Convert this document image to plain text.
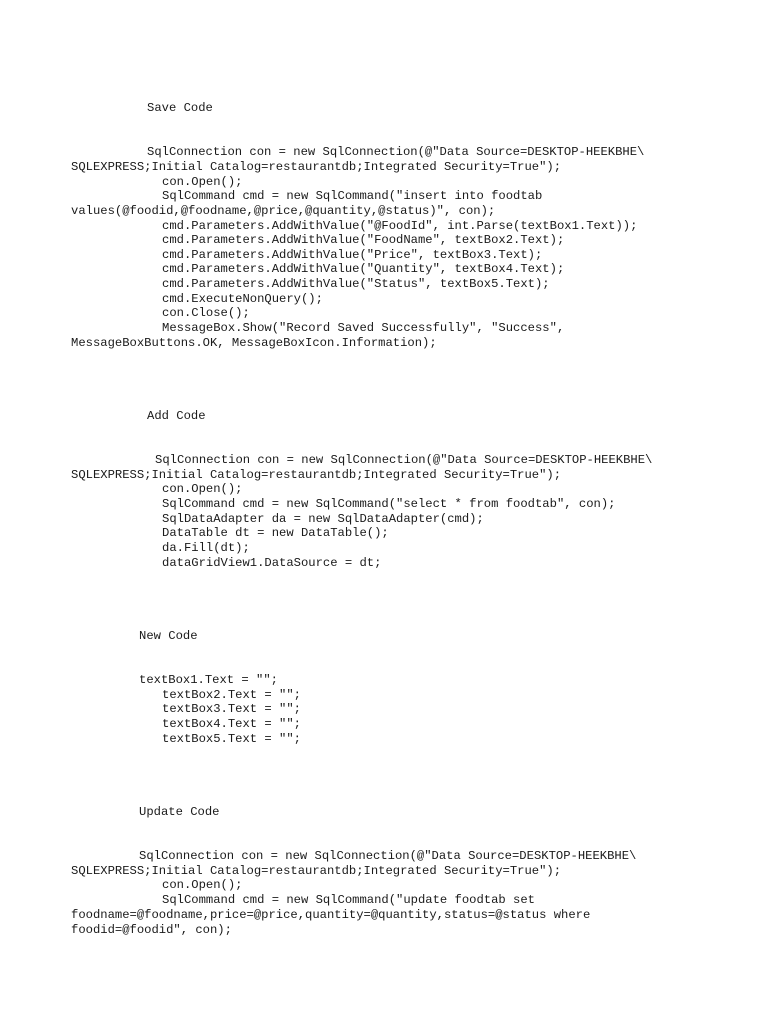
Save Code
SqlConnection con = new SqlConnection(@"Data Source=DESKTOP-HEEKBHE\
SQLEXPRESS;Initial Catalog=restaurantdb;Integrated Security=True");
con.Open();
SqlCommand cmd = new SqlCommand("insert into foodtab
values(@foodid,@foodname,@price,@quantity,@status)", con);
cmd.Parameters.AddWithValue("@FoodId", int.Parse(textBox1.Text));
cmd.Parameters.AddWithValue("FoodName", textBox2.Text);
cmd.Parameters.AddWithValue("Price", textBox3.Text);
cmd.Parameters.AddWithValue("Quantity", textBox4.Text);
cmd.Parameters.AddWithValue("Status", textBox5.Text);
cmd.ExecuteNonQuery();
con.Close();
MessageBox.Show("Record Saved Successfully", "Success",
MessageBoxButtons.OK, MessageBoxIcon.Information);
Add Code
SqlConnection con = new SqlConnection(@"Data Source=DESKTOP-HEEKBHE\
SQLEXPRESS;Initial Catalog=restaurantdb;Integrated Security=True");
con.Open();
SqlCommand cmd = new SqlCommand("select * from foodtab", con);
SqlDataAdapter da = new SqlDataAdapter(cmd);
DataTable dt = new DataTable();
da.Fill(dt);
dataGridView1.DataSource = dt;
New Code
textBox1.Text = "";
textBox2.Text = "";
textBox3.Text = "";
textBox4.Text = "";
textBox5.Text = "";
Update Code
SqlConnection con = new SqlConnection(@"Data Source=DESKTOP-HEEKBHE\
SQLEXPRESS;Initial Catalog=restaurantdb;Integrated Security=True");
con.Open();
SqlCommand cmd = new SqlCommand("update foodtab set
foodname=@foodname,price=@price,quantity=@quantity,status=@status where
foodid=@foodid", con);
